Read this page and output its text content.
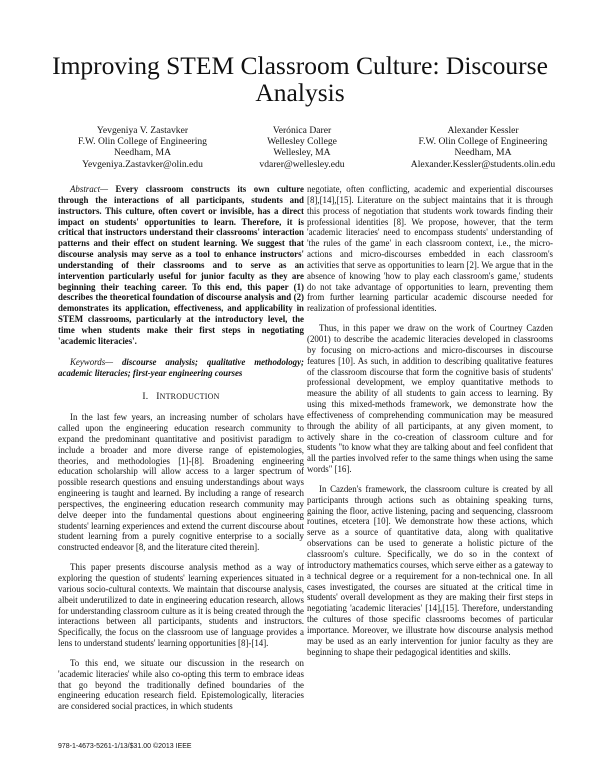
Improving STEM Classroom Culture: Discourse Analysis
Yevgeniya V. Zastavker
F.W. Olin College of Engineering
Needham, MA
Yevgeniya.Zastavker@olin.edu
Verónica Darer
Wellesley College
Wellesley, MA
vdarer@wellesley.edu
Alexander Kessler
F.W. Olin College of Engineering
Needham, MA
Alexander.Kessler@students.olin.edu

Abstract— Every classroom constructs its own culture through the interactions of all participants, students and instructors. This culture, often covert or invisible, has a direct impact on students' opportunities to learn. Therefore, it is critical that instructors understand their classrooms' interaction patterns and their effect on student learning. We suggest that discourse analysis may serve as a tool to enhance instructors' understanding of their classrooms and to serve as an intervention particularly useful for junior faculty as they are beginning their teaching career. To this end, this paper (1) describes the theoretical foundation of discourse analysis and (2) demonstrates its application, effectiveness, and applicability in STEM classrooms, particularly at the introductory level, the time when students make their first steps in negotiating 'academic literacies'.

Keywords— discourse analysis; qualitative methodology; academic literacies; first-year engineering courses

I. INTRODUCTION

In the last few years, an increasing number of scholars have called upon the engineering education research community to expand the predominant quantitative and positivist paradigm to include a broader and more diverse range of epistemologies, theories, and methodologies [1]-[8]. Broadening engineering education scholarship will allow access to a larger spectrum of possible research questions and ensuing understandings about ways engineering is taught and learned. By including a range of research perspectives, the engineering education research community may delve deeper into the fundamental questions about engineering students' learning experiences and extend the current discourse about student learning from a purely cognitive enterprise to a socially constructed endeavor [8, and the literature cited therein].

This paper presents discourse analysis method as a way of exploring the question of students' learning experiences situated in various socio-cultural contexts. We maintain that discourse analysis, albeit underutilized to date in engineering education research, allows for understanding classroom culture as it is being created through the interactions between all participants, students and instructors. Specifically, the focus on the classroom use of language provides a lens to understand students' learning opportunities [8]-[14].

To this end, we situate our discussion in the research on 'academic literacies' while also co-opting this term to embrace ideas that go beyond the traditionally defined boundaries of the engineering education research field. Epistemologically, literacies are considered social practices, in which students

negotiate, often conflicting, academic and experiential discourses [8],[14],[15]. Literature on the subject maintains that it is through this process of negotiation that students work towards finding their professional identities [8]. We propose, however, that the term 'academic literacies' need to encompass students' understanding of 'the rules of the game' in each classroom context, i.e., the micro-actions and micro-discourses embedded in each classroom's activities that serve as opportunities to learn [2]. We argue that in the absence of knowing 'how to play each classroom's game,' students do not take advantage of opportunities to learn, preventing them from further learning particular academic discourse needed for realization of professional identities.

Thus, in this paper we draw on the work of Courtney Cazden (2001) to describe the academic literacies developed in classrooms by focusing on micro-actions and micro-discourses in discourse features [10]. As such, in addition to describing qualitative features of the classroom discourse that form the cognitive basis of students' professional development, we employ quantitative methods to measure the ability of all students to gain access to learning. By using this mixed-methods framework, we demonstrate how the effectiveness of comprehending communication may be measured through the ability of all participants, at any given moment, to actively share in the co-creation of classroom culture and for students "to know what they are talking about and feel confident that all the parties involved refer to the same things when using the same words" [16].

In Cazden's framework, the classroom culture is created by all participants through actions such as obtaining speaking turns, gaining the floor, active listening, pacing and sequencing, classroom routines, etcetera [10]. We demonstrate how these actions, which serve as a source of quantitative data, along with qualitative observations can be used to generate a holistic picture of the classroom's culture. Specifically, we do so in the context of introductory mathematics courses, which serve either as a gateway to a technical degree or a requirement for a non-technical one. In all cases investigated, the courses are situated at the critical time in students' overall development as they are making their first steps in negotiating 'academic literacies' [14],[15]. Therefore, understanding the cultures of those specific classrooms becomes of particular importance. Moreover, we illustrate how discourse analysis method may be used as an early intervention for junior faculty as they are beginning to shape their pedagogical identities and skills.

978-1-4673-5261-1/13/$31.00 ©2013 IEEE
